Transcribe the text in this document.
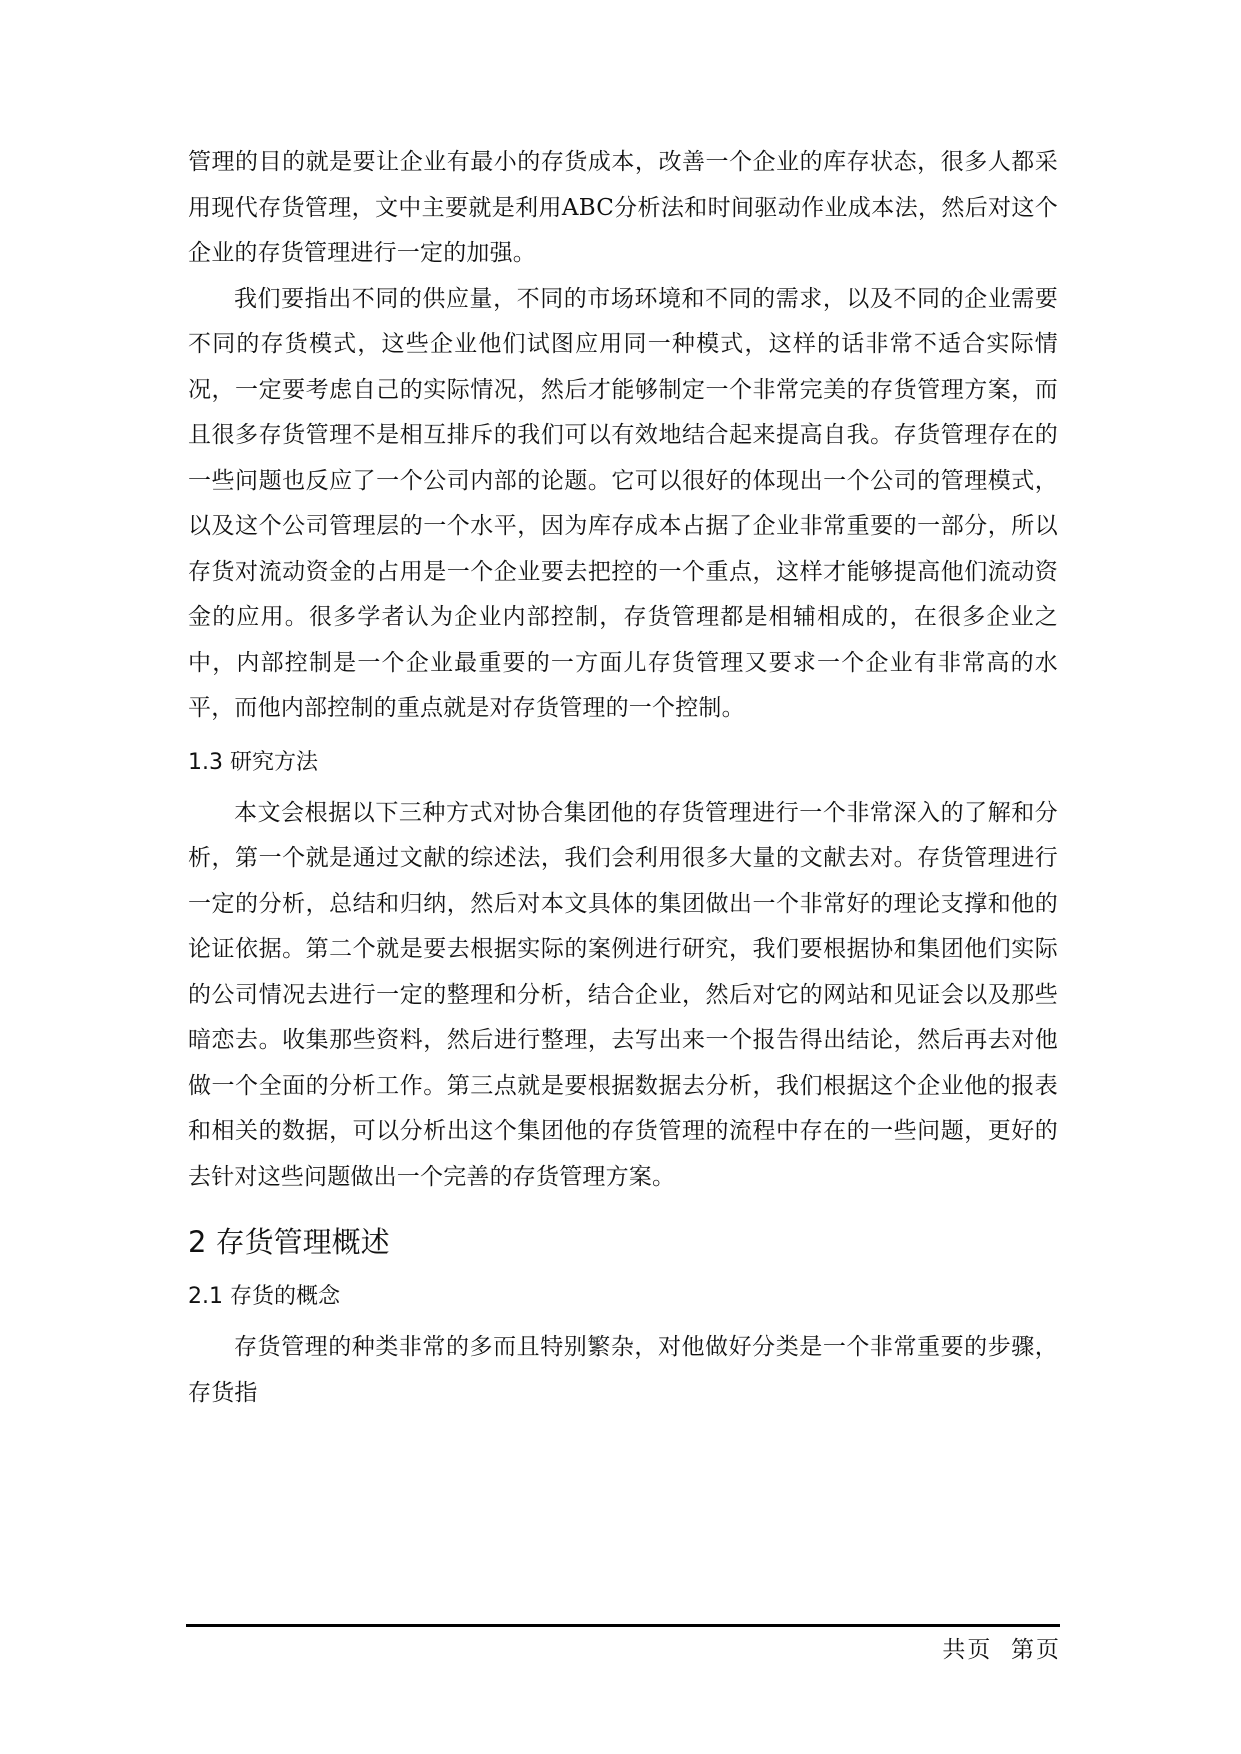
管理的目的就是要让企业有最小的存货成本，改善一个企业的库存状态，很多人都采用现代存货管理，文中主要就是利用ABC分析法和时间驱动作业成本法，然后对这个企业的存货管理进行一定的加强。

我们要指出不同的供应量，不同的市场环境和不同的需求，以及不同的企业需要不同的存货模式，这些企业他们试图应用同一种模式，这样的话非常不适合实际情况，一定要考虑自己的实际情况，然后才能够制定一个非常完美的存货管理方案，而且很多存货管理不是相互排斥的我们可以有效地结合起来提高自我。存货管理存在的一些问题也反应了一个公司内部的论题。它可以很好的体现出一个公司的管理模式，以及这个公司管理层的一个水平，因为库存成本占据了企业非常重要的一部分，所以存货对流动资金的占用是一个企业要去把控的一个重点，这样才能够提高他们流动资金的应用。很多学者认为企业内部控制，存货管理都是相辅相成的，在很多企业之中，内部控制是一个企业最重要的一方面儿存货管理又要求一个企业有非常高的水平，而他内部控制的重点就是对存货管理的一个控制。

1.3 研究方法

本文会根据以下三种方式对协合集团他的存货管理进行一个非常深入的了解和分析，第一个就是通过文献的综述法，我们会利用很多大量的文献去对。存货管理进行一定的分析，总结和归纳，然后对本文具体的集团做出一个非常好的理论支撑和他的论证依据。第二个就是要去根据实际的案例进行研究，我们要根据协和集团他们实际的公司情况去进行一定的整理和分析，结合企业，然后对它的网站和见证会以及那些暗恋去。收集那些资料，然后进行整理，去写出来一个报告得出结论，然后再去对他做一个全面的分析工作。第三点就是要根据数据去分析，我们根据这个企业他的报表和相关的数据，可以分析出这个集团他的存货管理的流程中存在的一些问题，更好的去针对这些问题做出一个完善的存货管理方案。

2 存货管理概述
2.1 存货的概念

存货管理的种类非常的多而且特别繁杂，对他做好分类是一个非常重要的步骤，存货指

共页  第页
